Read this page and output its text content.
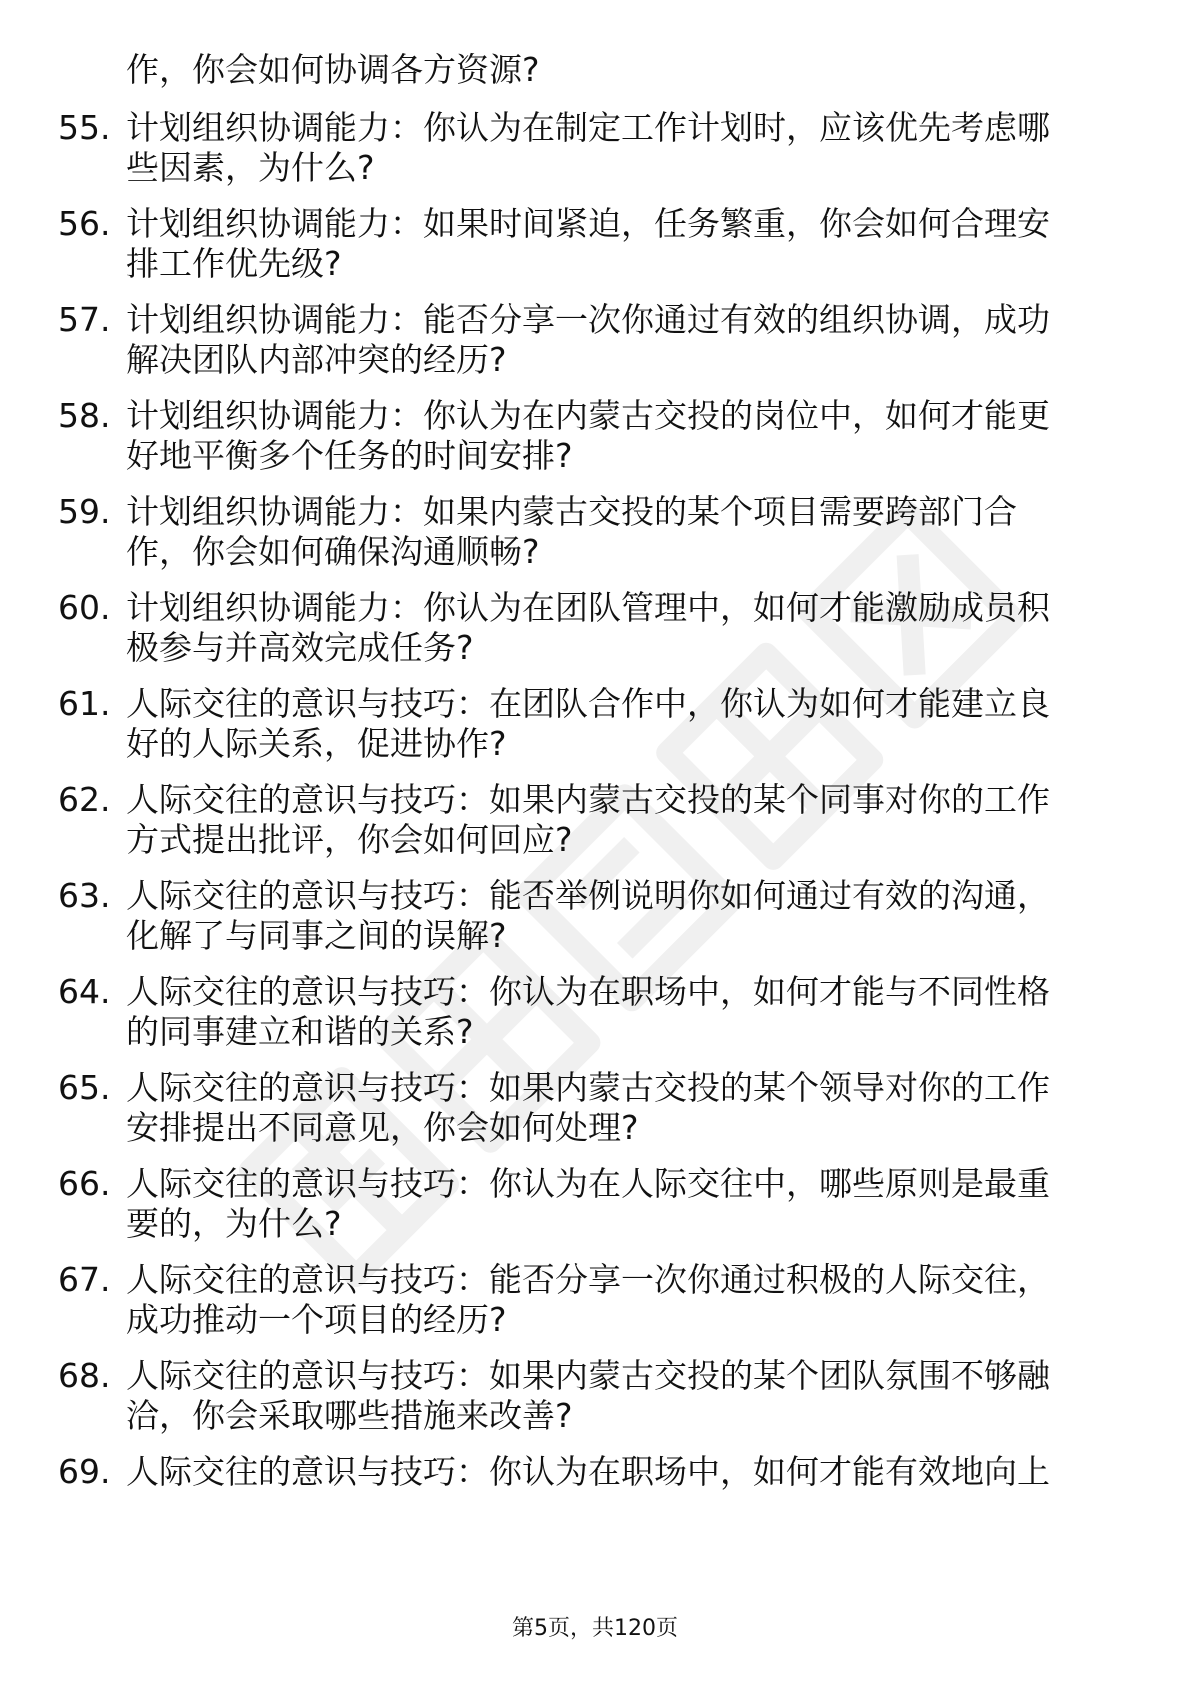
作，你会如何协调各方资源?
55. 计划组织协调能力：你认为在制定工作计划时，应该优先考虑哪
些因素，为什么?
56. 计划组织协调能力：如果时间紧迫，任务繁重，你会如何合理安
排工作优先级?
57. 计划组织协调能力：能否分享一次你通过有效的组织协调，成功
解决团队内部冲突的经历?
58. 计划组织协调能力：你认为在内蒙古交投的岗位中，如何才能更
好地平衡多个任务的时间安排?
59. 计划组织协调能力：如果内蒙古交投的某个项目需要跨部门合
作，你会如何确保沟通顺畅?
60. 计划组织协调能力：你认为在团队管理中，如何才能激励成员积
极参与并高效完成任务?
61. 人际交往的意识与技巧：在团队合作中，你认为如何才能建立良
好的人际关系，促进协作?
62. 人际交往的意识与技巧：如果内蒙古交投的某个同事对你的工作
方式提出批评，你会如何回应?
63. 人际交往的意识与技巧：能否举例说明你如何通过有效的沟通，
化解了与同事之间的误解?
64. 人际交往的意识与技巧：你认为在职场中，如何才能与不同性格
的同事建立和谐的关系?
65. 人际交往的意识与技巧：如果内蒙古交投的某个领导对你的工作
安排提出不同意见，你会如何处理?
66. 人际交往的意识与技巧：你认为在人际交往中，哪些原则是最重
要的，为什么?
67. 人际交往的意识与技巧：能否分享一次你通过积极的人际交往，
成功推动一个项目的经历?
68. 人际交往的意识与技巧：如果内蒙古交投的某个团队氛围不够融
洽，你会采取哪些措施来改善?
69. 人际交往的意识与技巧：你认为在职场中，如何才能有效地向上
第5页，共120页
